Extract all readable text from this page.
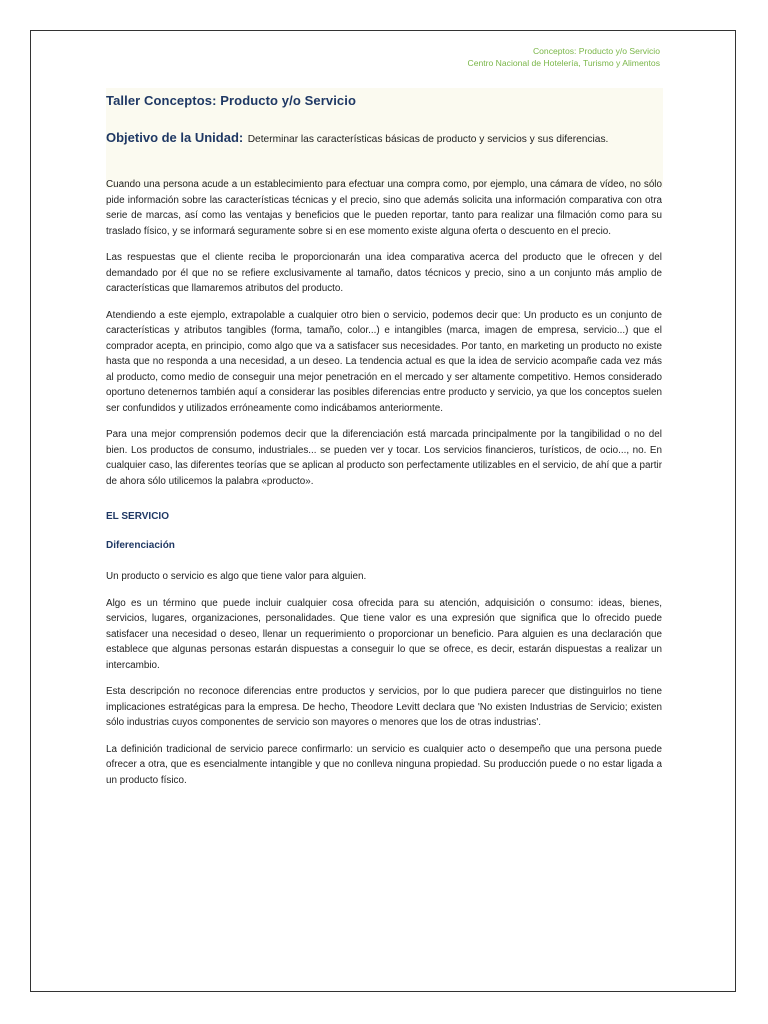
Conceptos: Producto y/o Servicio
Centro Nacional de Hotelería, Turismo y Alimentos
Taller Conceptos: Producto y/o Servicio

Objetivo de la Unidad: Determinar las características básicas de producto y servicios y sus diferencias.

Cuando una persona acude a un establecimiento para efectuar una compra como, por ejemplo, una cámara de vídeo, no sólo pide información sobre las características técnicas y el precio, sino que además solicita una información comparativa con otra serie de marcas, así como las ventajas y beneficios que le pueden reportar, tanto para realizar una filmación como para su traslado físico, y se informará seguramente sobre si en ese momento existe alguna oferta o descuento en el precio.

Las respuestas que el cliente reciba le proporcionarán una idea comparativa acerca del producto que le ofrecen y del demandado por él que no se refiere exclusivamente al tamaño, datos técnicos y precio, sino a un conjunto más amplio de características que llamaremos atributos del producto.

Atendiendo a este ejemplo, extrapolable a cualquier otro bien o servicio, podemos decir que: Un producto es un conjunto de características y atributos tangibles (forma, tamaño, color...) e intangibles (marca, imagen de empresa, servicio...) que el comprador acepta, en principio, como algo que va a satisfacer sus necesidades. Por tanto, en marketing un producto no existe hasta que no responda a una necesidad, a un deseo. La tendencia actual es que la idea de servicio acompañe cada vez más al producto, como medio de conseguir una mejor penetración en el mercado y ser altamente competitivo. Hemos considerado oportuno detenernos también aquí a considerar las posibles diferencias entre producto y servicio, ya que los conceptos suelen ser confundidos y utilizados erróneamente como indicábamos anteriormente.

Para una mejor comprensión podemos decir que la diferenciación está marcada principalmente por la tangibilidad o no del bien. Los productos de consumo, industriales... se pueden ver y tocar. Los servicios financieros, turísticos, de ocio..., no. En cualquier caso, las diferentes teorías que se aplican al producto son perfectamente utilizables en el servicio, de ahí que a partir de ahora sólo utilicemos la palabra «producto».

EL SERVICIO
Diferenciación

Un producto o servicio es algo que tiene valor para alguien.

Algo es un término que puede incluir cualquier cosa ofrecida para su atención, adquisición o consumo: ideas, bienes, servicios, lugares, organizaciones, personalidades. Que tiene valor es una expresión que significa que lo ofrecido puede satisfacer una necesidad o deseo, llenar un requerimiento o proporcionar un beneficio. Para alguien es una declaración que establece que algunas personas estarán dispuestas a conseguir lo que se ofrece, es decir, estarán dispuestas a realizar un intercambio.

Esta descripción no reconoce diferencias entre productos y servicios, por lo que pudiera parecer que distinguirlos no tiene implicaciones estratégicas para la empresa. De hecho, Theodore Levitt declara que 'No existen Industrias de Servicio; existen sólo industrias cuyos componentes de servicio son mayores o menores que los de otras industrias'.

La definición tradicional de servicio parece confirmarlo: un servicio es cualquier acto o desempeño que una persona puede ofrecer a otra, que es esencialmente intangible y que no conlleva ninguna propiedad. Su producción puede o no estar ligada a un producto físico.
